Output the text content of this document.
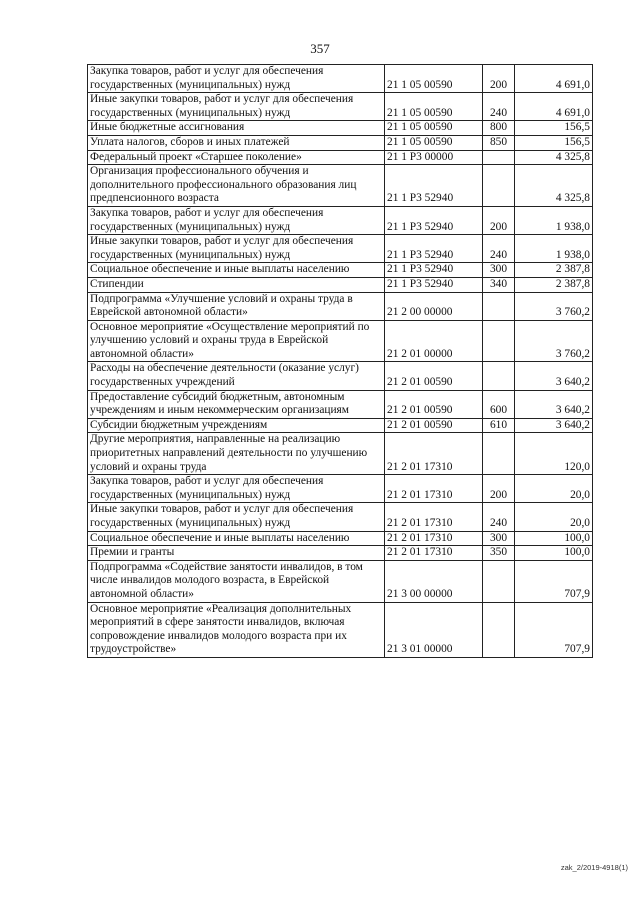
357
Закупка товаров, работ и услуг для обеспечения государственных (муниципальных) нужд	21 1 05 00590	200	4 691,0
Иные закупки товаров, работ и услуг для обеспечения государственных (муниципальных) нужд	21 1 05 00590	240	4 691,0
Иные бюджетные ассигнования	21 1 05 00590	800	156,5
Уплата налогов, сборов и иных платежей	21 1 05 00590	850	156,5
Федеральный проект «Старшее поколение»	21 1 P3 00000		4 325,8
Организация профессионального обучения и дополнительного профессионального образования лиц предпенсионного возраста	21 1 P3 52940		4 325,8
Закупка товаров, работ и услуг для обеспечения государственных (муниципальных) нужд	21 1 P3 52940	200	1 938,0
Иные закупки товаров, работ и услуг для обеспечения государственных (муниципальных) нужд	21 1 P3 52940	240	1 938,0
Социальное обеспечение и иные выплаты населению	21 1 P3 52940	300	2 387,8
Стипендии	21 1 P3 52940	340	2 387,8
Подпрограмма «Улучшение условий и охраны труда в Еврейской автономной области»	21 2 00 00000		3 760,2
Основное мероприятие «Осуществление мероприятий по улучшению условий и охраны труда в Еврейской автономной области»	21 2 01 00000		3 760,2
Расходы на обеспечение деятельности (оказание услуг) государственных учреждений	21 2 01 00590		3 640,2
Предоставление субсидий бюджетным, автономным учреждениям и иным некоммерческим организациям	21 2 01 00590	600	3 640,2
Субсидии бюджетным учреждениям	21 2 01 00590	610	3 640,2
Другие мероприятия, направленные на реализацию приоритетных направлений деятельности по улучшению условий и охраны труда	21 2 01 17310		120,0
Закупка товаров, работ и услуг для обеспечения государственных (муниципальных) нужд	21 2 01 17310	200	20,0
Иные закупки товаров, работ и услуг для обеспечения государственных (муниципальных) нужд	21 2 01 17310	240	20,0
Социальное обеспечение и иные выплаты населению	21 2 01 17310	300	100,0
Премии и гранты	21 2 01 17310	350	100,0
Подпрограмма «Содействие занятости инвалидов, в том числе инвалидов молодого возраста, в Еврейской автономной области»	21 3 00 00000		707,9
Основное мероприятие «Реализация дополнительных мероприятий в сфере занятости инвалидов, включая сопровождение инвалидов молодого возраста при их трудоустройстве»	21 3 01 00000		707,9
zak_2/2019-4918(1)
